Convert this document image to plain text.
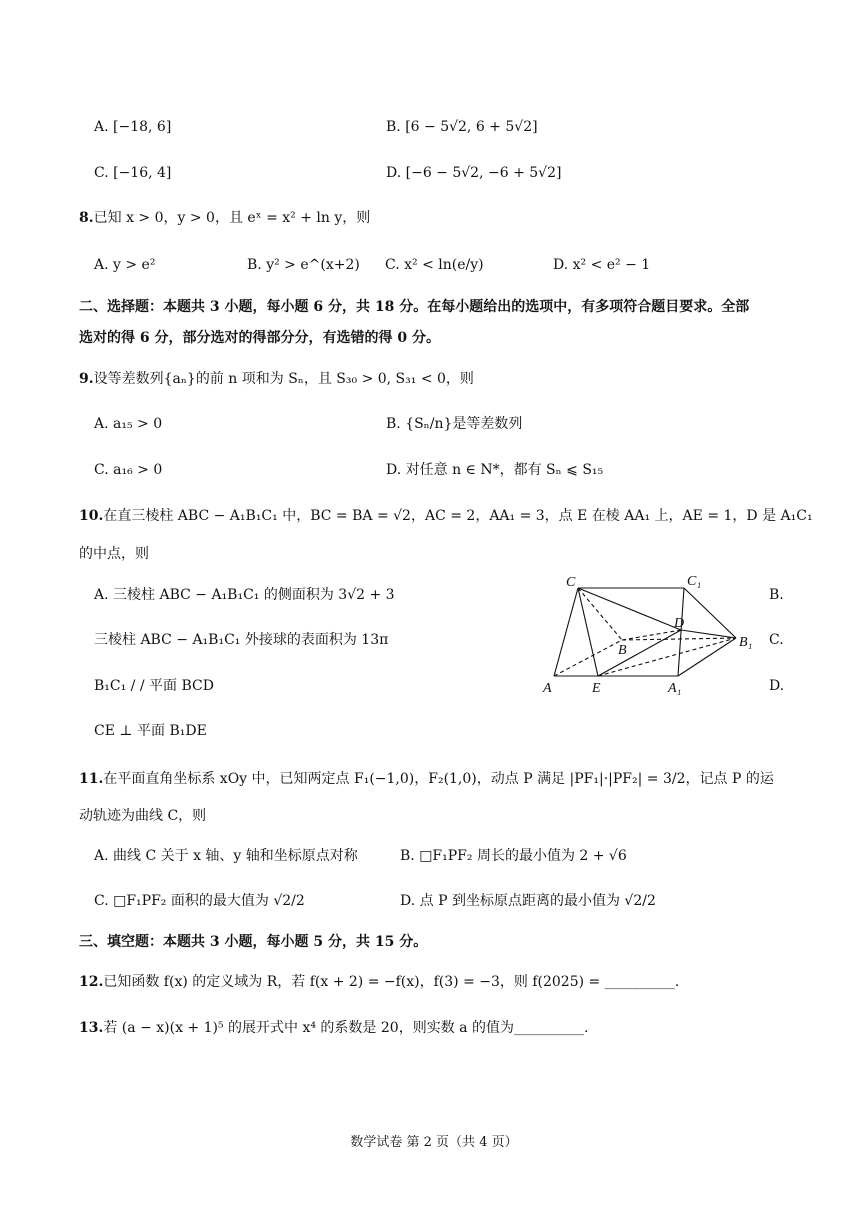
A. [−18, 6]	B. [6 − 5√2, 6 + 5√2]
C. [−16, 4]	D. [−6 − 5√2, −6 + 5√2]
8.已知 x > 0，y > 0，且 eˣ = x² + ln y，则
A. y > e²	B. y² > e^(x+2) C. x² < ln(e/y)	D. x² < e² − 1
二、选择题：本题共 3 小题，每小题 6 分，共 18 分。在每小题给出的选项中，有多项符合题目要求。全部
选对的得 6 分，部分选对的得部分分，有选错的得 0 分。
9.设等差数列{aₙ}的前 n 项和为 Sₙ，且 S₃₀ > 0, S₃₁ < 0，则
A. a₁₅ > 0	B. {Sₙ/n}是等差数列
C. a₁₆ > 0	D. 对任意 n ∈ N*，都有 Sₙ ⩽ S₁₅
10.在直三棱柱 ABC − A₁B₁C₁ 中，BC = BA = √2，AC = 2，AA₁ = 3，点 E 在棱 AA₁ 上，AE = 1，D 是 A₁C₁
的中点，则
A. 三棱柱 ABC − A₁B₁C₁ 的侧面积为 3√2 + 3
三棱柱 ABC − A₁B₁C₁ 外接球的表面积为 13π
B₁C₁ / / 平面 BCD
CE ⊥ 平面 B₁DE
B.
C.
D.
C	C₁
D
B
B₁
A	E	A₁
11.在平面直角坐标系 xOy 中，已知两定点 F₁(−1,0)，F₂(1,0)，动点 P 满足 |PF₁|·|PF₂| = 3/2，记点 P 的运
动轨迹为曲线 C，则
A. 曲线 C 关于 x 轴、y 轴和坐标原点对称	B. □F₁PF₂ 周长的最小值为 2 + √6
C. □F₁PF₂ 面积的最大值为 √2/2	D. 点 P 到坐标原点距离的最小值为 √2/2
三、填空题：本题共 3 小题，每小题 5 分，共 15 分。
12.已知函数 f(x) 的定义域为 R，若 f(x + 2) = −f(x)，f(3) = −3，则 f(2025) = __________.
13.若 (a − x)(x + 1)⁵ 的展开式中 x⁴ 的系数是 20，则实数 a 的值为__________.
数学试卷 第 2 页（共 4 页）
